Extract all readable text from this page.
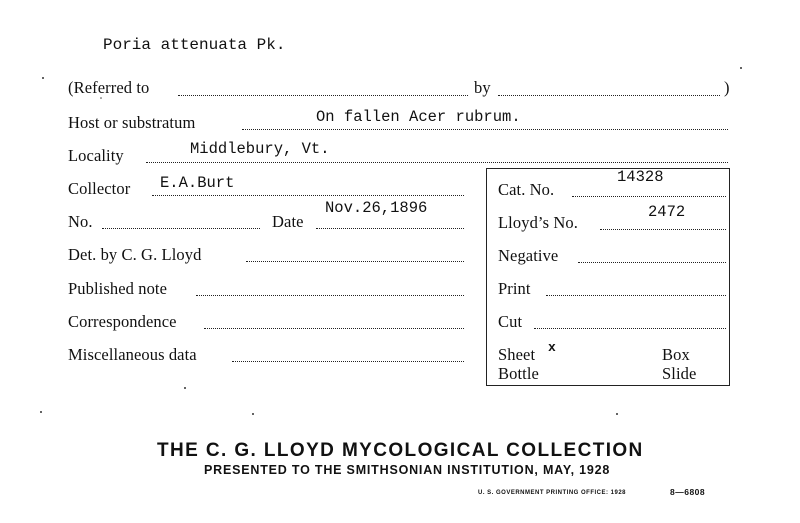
Poria attenuata Pk.
(Referred to	by	)
Host or substratum	On fallen Acer rubrum.
Locality	Middlebury, Vt.
Collector E.A.Burt
No.	Date
Nov.26,1896
Det. by C. G. Lloyd
Published note
Correspondence
Miscellaneous data
Cat. No.
14328
Lloyd’s No.
2472
Negative
Print
Cut
Sheet x	Box
Bottle	Slide
THE C. G. LLOYD MYCOLOGICAL COLLECTION
PRESENTED TO THE SMITHSONIAN INSTITUTION, MAY, 1928
U. S. GOVERNMENT PRINTING OFFICE: 1928	8—6808
